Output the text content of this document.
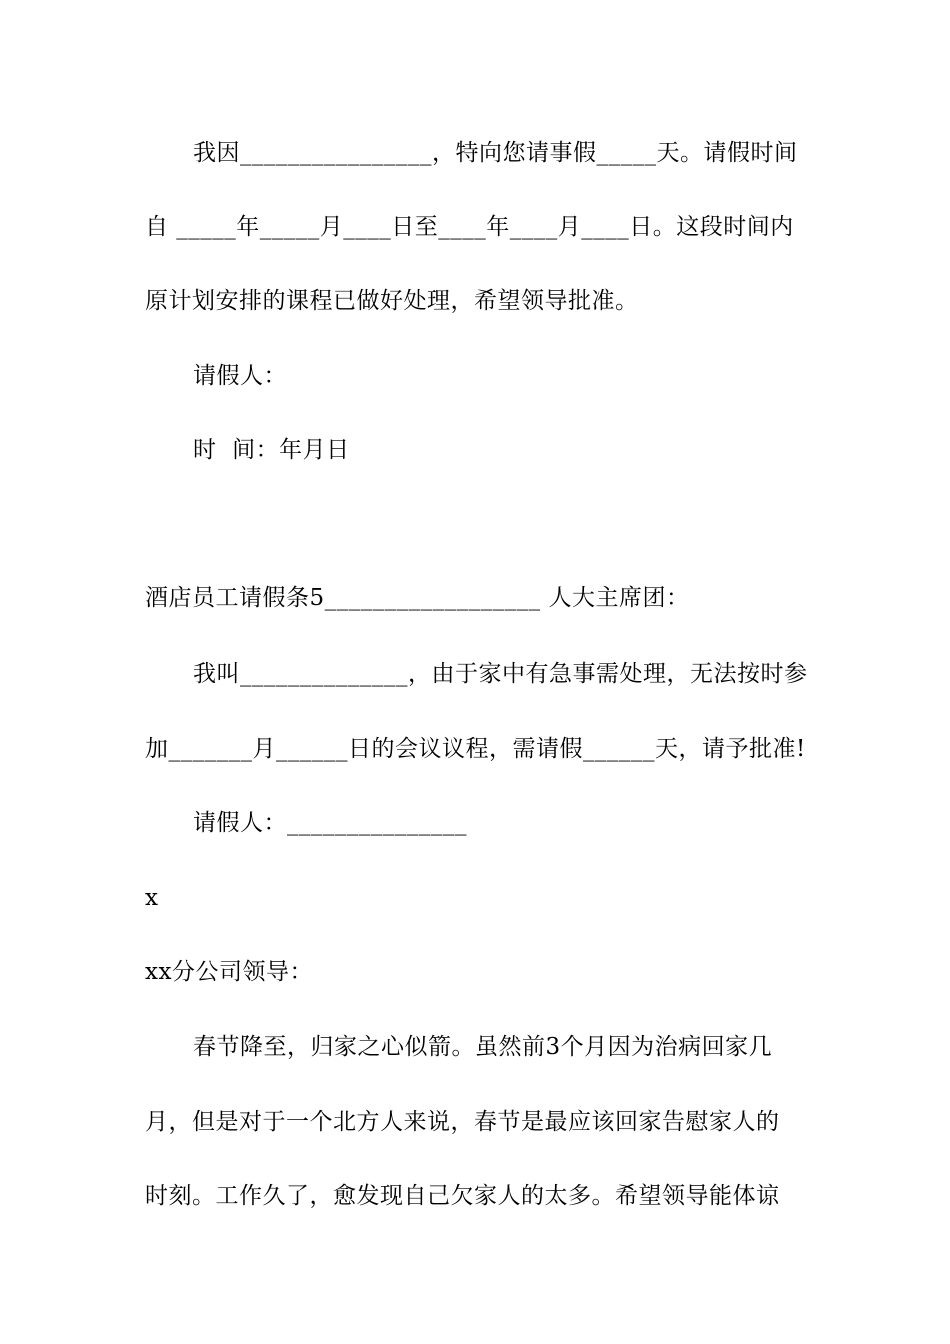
我因________________，特向您请事假_____天。请假时间
自 _____年_____月____日至____年____月____日。这段时间内
原计划安排的课程已做好处理，希望领导批准。
请假人：
时  间：年月日
酒店员工请假条5__________________ 人大主席团：
我叫______________，由于家中有急事需处理，无法按时参
加_______月______日的会议议程，需请假______天，请予批准!
请假人：_______________
x
xx分公司领导：
春节降至，归家之心似箭。虽然前3个月因为治病回家几
月，但是对于一个北方人来说，春节是最应该回家告慰家人的
时刻。工作久了，愈发现自己欠家人的太多。希望领导能体谅
